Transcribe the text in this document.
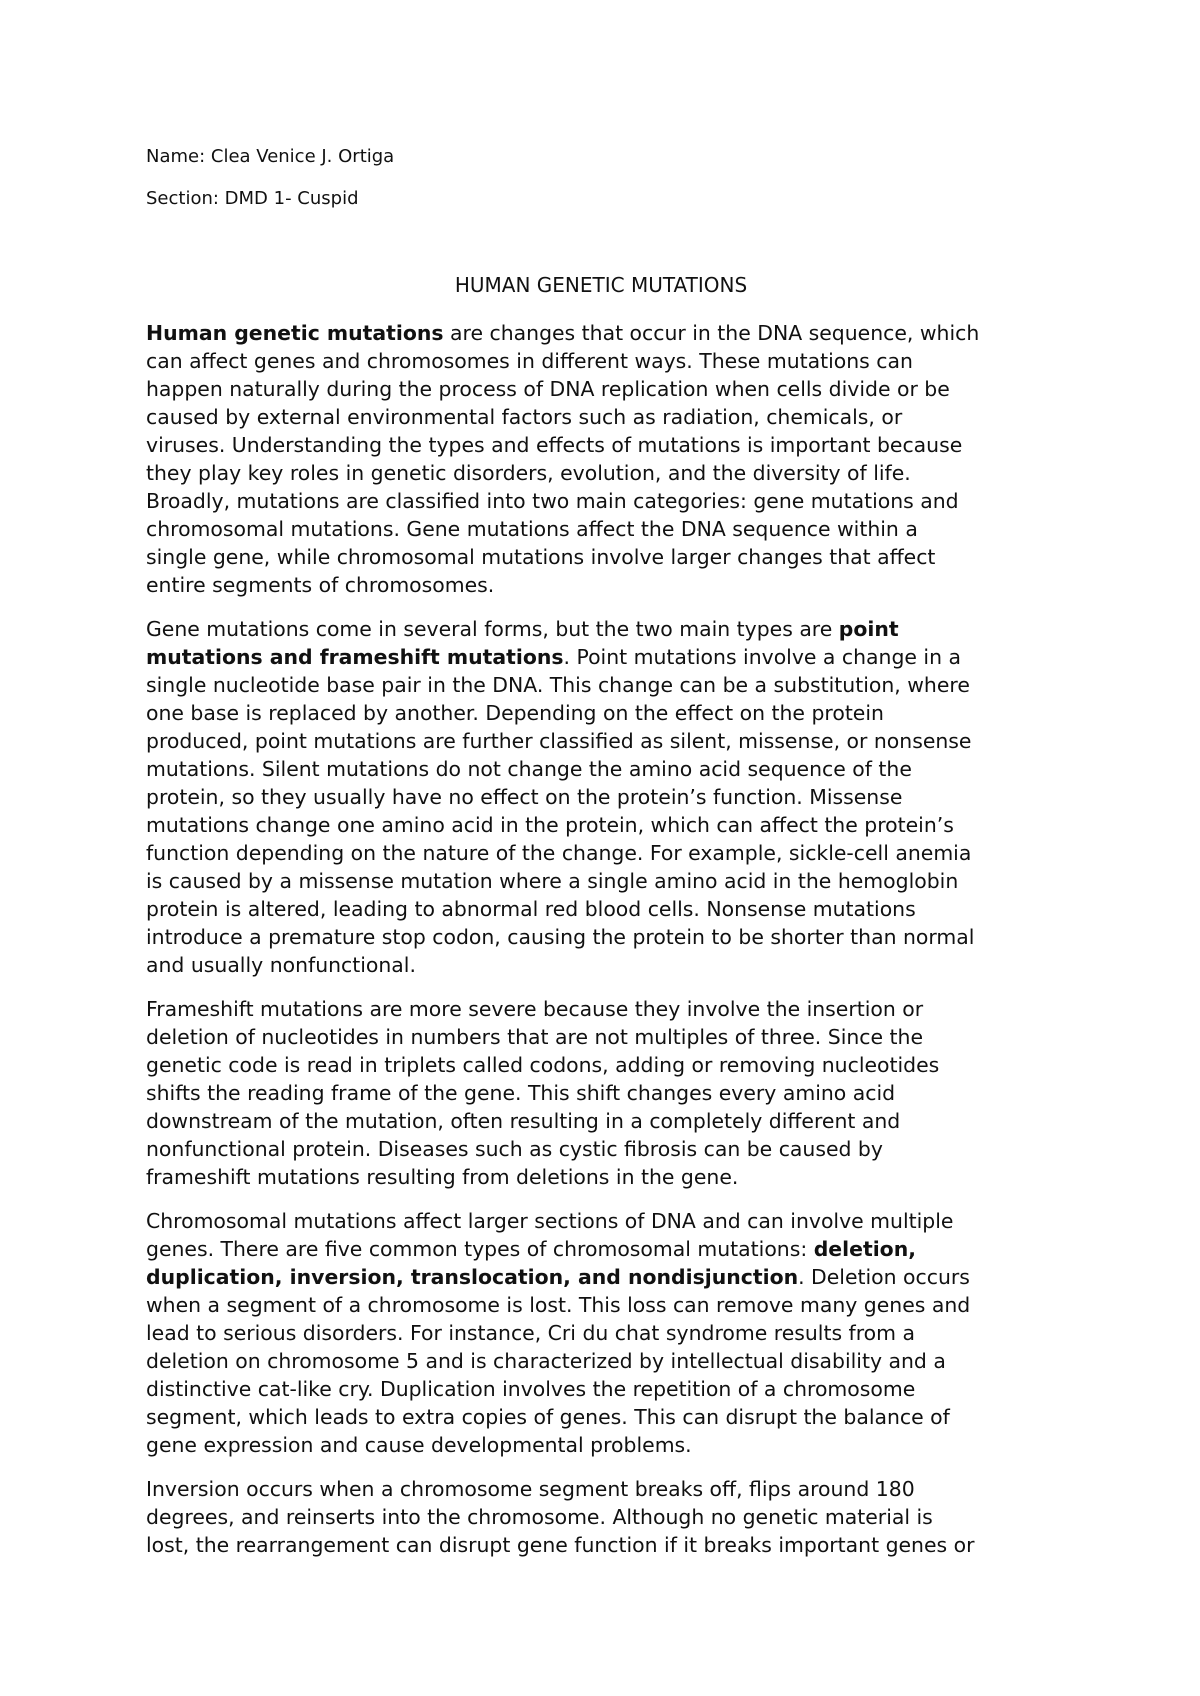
Name: Clea Venice J. Ortiga

Section: DMD 1- Cuspid

HUMAN GENETIC MUTATIONS

Human genetic mutations are changes that occur in the DNA sequence, which
can affect genes and chromosomes in different ways. These mutations can
happen naturally during the process of DNA replication when cells divide or be
caused by external environmental factors such as radiation, chemicals, or
viruses. Understanding the types and effects of mutations is important because
they play key roles in genetic disorders, evolution, and the diversity of life.
Broadly, mutations are classified into two main categories: gene mutations and
chromosomal mutations. Gene mutations affect the DNA sequence within a
single gene, while chromosomal mutations involve larger changes that affect
entire segments of chromosomes.

Gene mutations come in several forms, but the two main types are point
mutations and frameshift mutations. Point mutations involve a change in a
single nucleotide base pair in the DNA. This change can be a substitution, where
one base is replaced by another. Depending on the effect on the protein
produced, point mutations are further classified as silent, missense, or nonsense
mutations. Silent mutations do not change the amino acid sequence of the
protein, so they usually have no effect on the protein’s function. Missense
mutations change one amino acid in the protein, which can affect the protein’s
function depending on the nature of the change. For example, sickle-cell anemia
is caused by a missense mutation where a single amino acid in the hemoglobin
protein is altered, leading to abnormal red blood cells. Nonsense mutations
introduce a premature stop codon, causing the protein to be shorter than normal
and usually nonfunctional.

Frameshift mutations are more severe because they involve the insertion or
deletion of nucleotides in numbers that are not multiples of three. Since the
genetic code is read in triplets called codons, adding or removing nucleotides
shifts the reading frame of the gene. This shift changes every amino acid
downstream of the mutation, often resulting in a completely different and
nonfunctional protein. Diseases such as cystic fibrosis can be caused by
frameshift mutations resulting from deletions in the gene.

Chromosomal mutations affect larger sections of DNA and can involve multiple
genes. There are five common types of chromosomal mutations: deletion,
duplication, inversion, translocation, and nondisjunction. Deletion occurs
when a segment of a chromosome is lost. This loss can remove many genes and
lead to serious disorders. For instance, Cri du chat syndrome results from a
deletion on chromosome 5 and is characterized by intellectual disability and a
distinctive cat-like cry. Duplication involves the repetition of a chromosome
segment, which leads to extra copies of genes. This can disrupt the balance of
gene expression and cause developmental problems.

Inversion occurs when a chromosome segment breaks off, flips around 180
degrees, and reinserts into the chromosome. Although no genetic material is
lost, the rearrangement can disrupt gene function if it breaks important genes or
